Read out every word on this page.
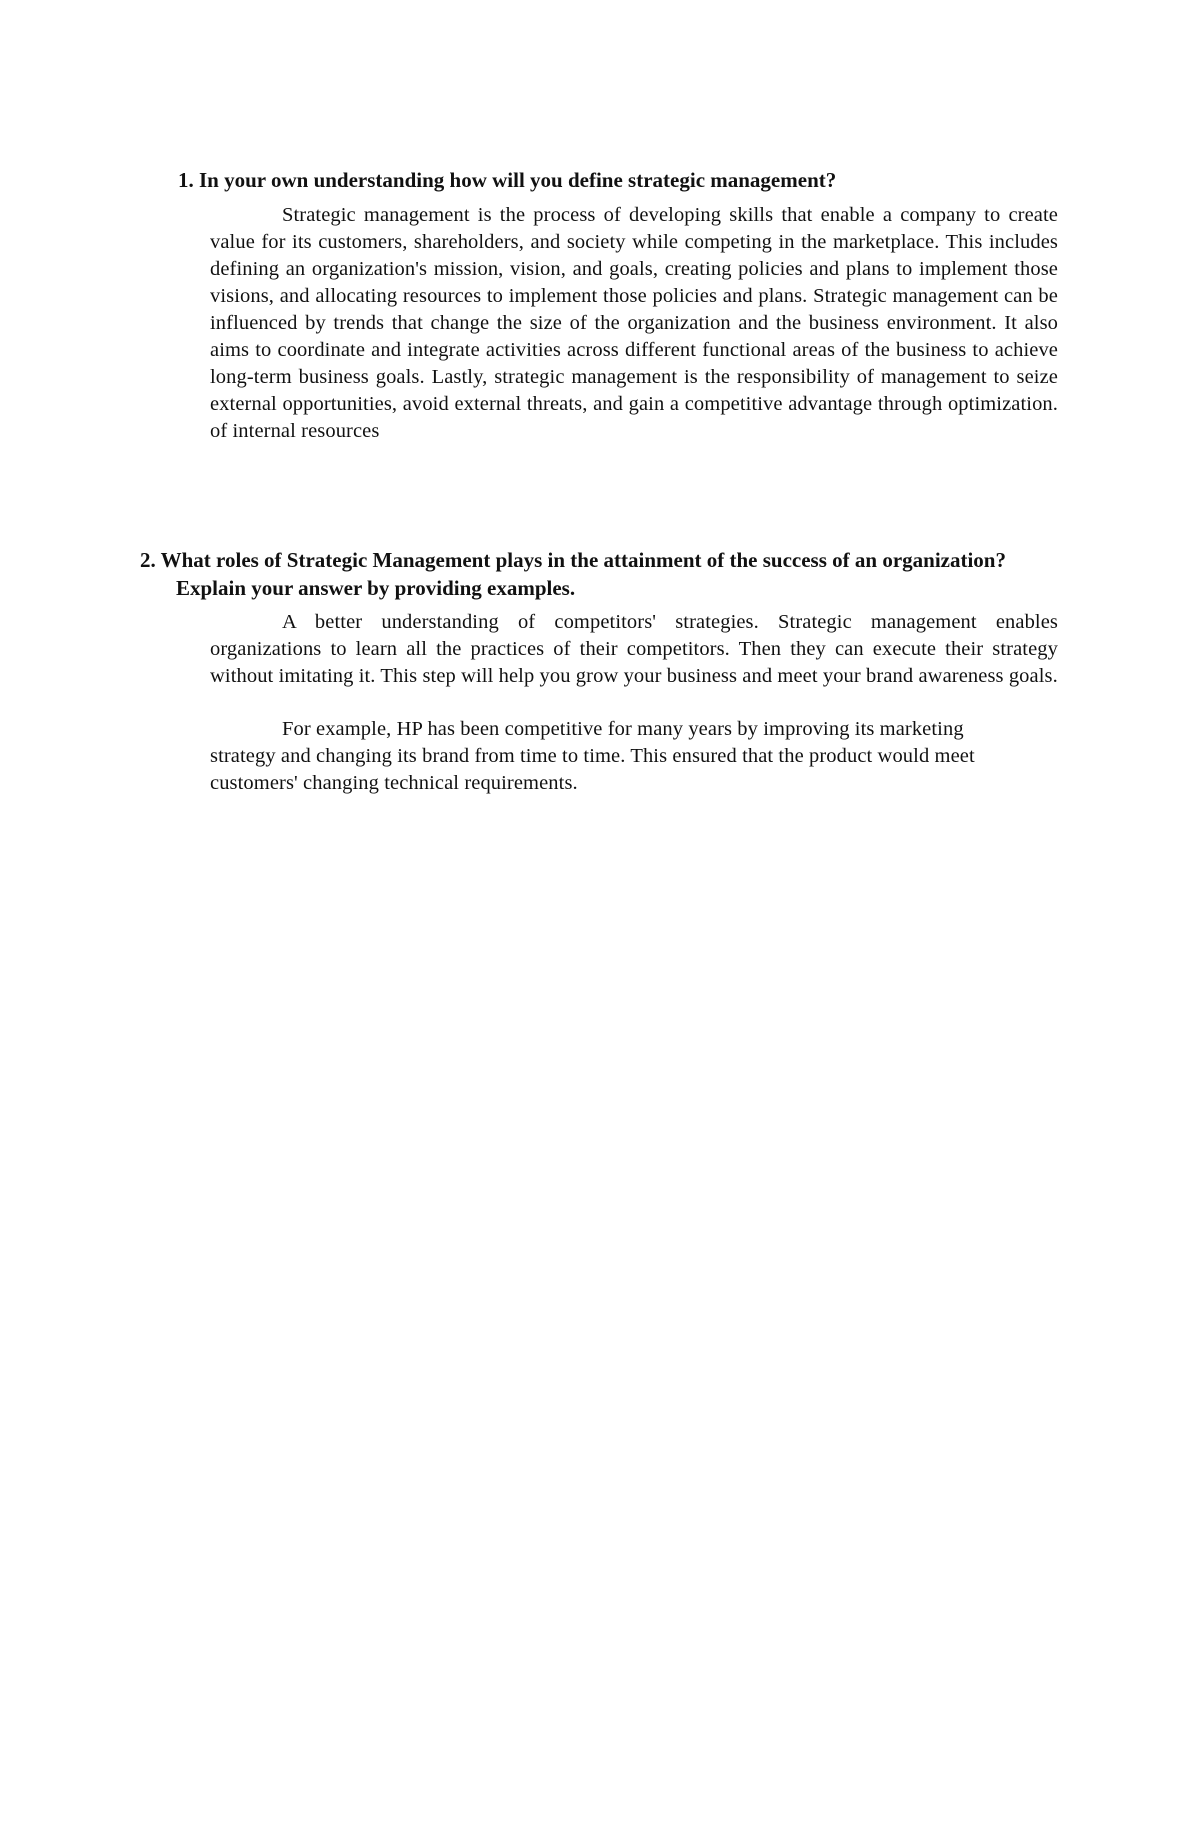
1. In your own understanding how will you define strategic management?

Strategic management is the process of developing skills that enable a company to create value for its customers, shareholders, and society while competing in the marketplace. This includes defining an organization's mission, vision, and goals, creating policies and plans to implement those visions, and allocating resources to implement those policies and plans. Strategic management can be influenced by trends that change the size of the organization and the business environment. It also aims to coordinate and integrate activities across different functional areas of the business to achieve long-term business goals. Lastly, strategic management is the responsibility of management to seize external opportunities, avoid external threats, and gain a competitive advantage through optimization. of internal resources

2. What roles of Strategic Management plays in the attainment of the success of an organization? Explain your answer by providing examples.

A better understanding of competitors' strategies. Strategic management enables organizations to learn all the practices of their competitors. Then they can execute their strategy without imitating it. This step will help you grow your business and meet your brand awareness goals.

For example, HP has been competitive for many years by improving its marketing strategy and changing its brand from time to time. This ensured that the product would meet customers' changing technical requirements.
